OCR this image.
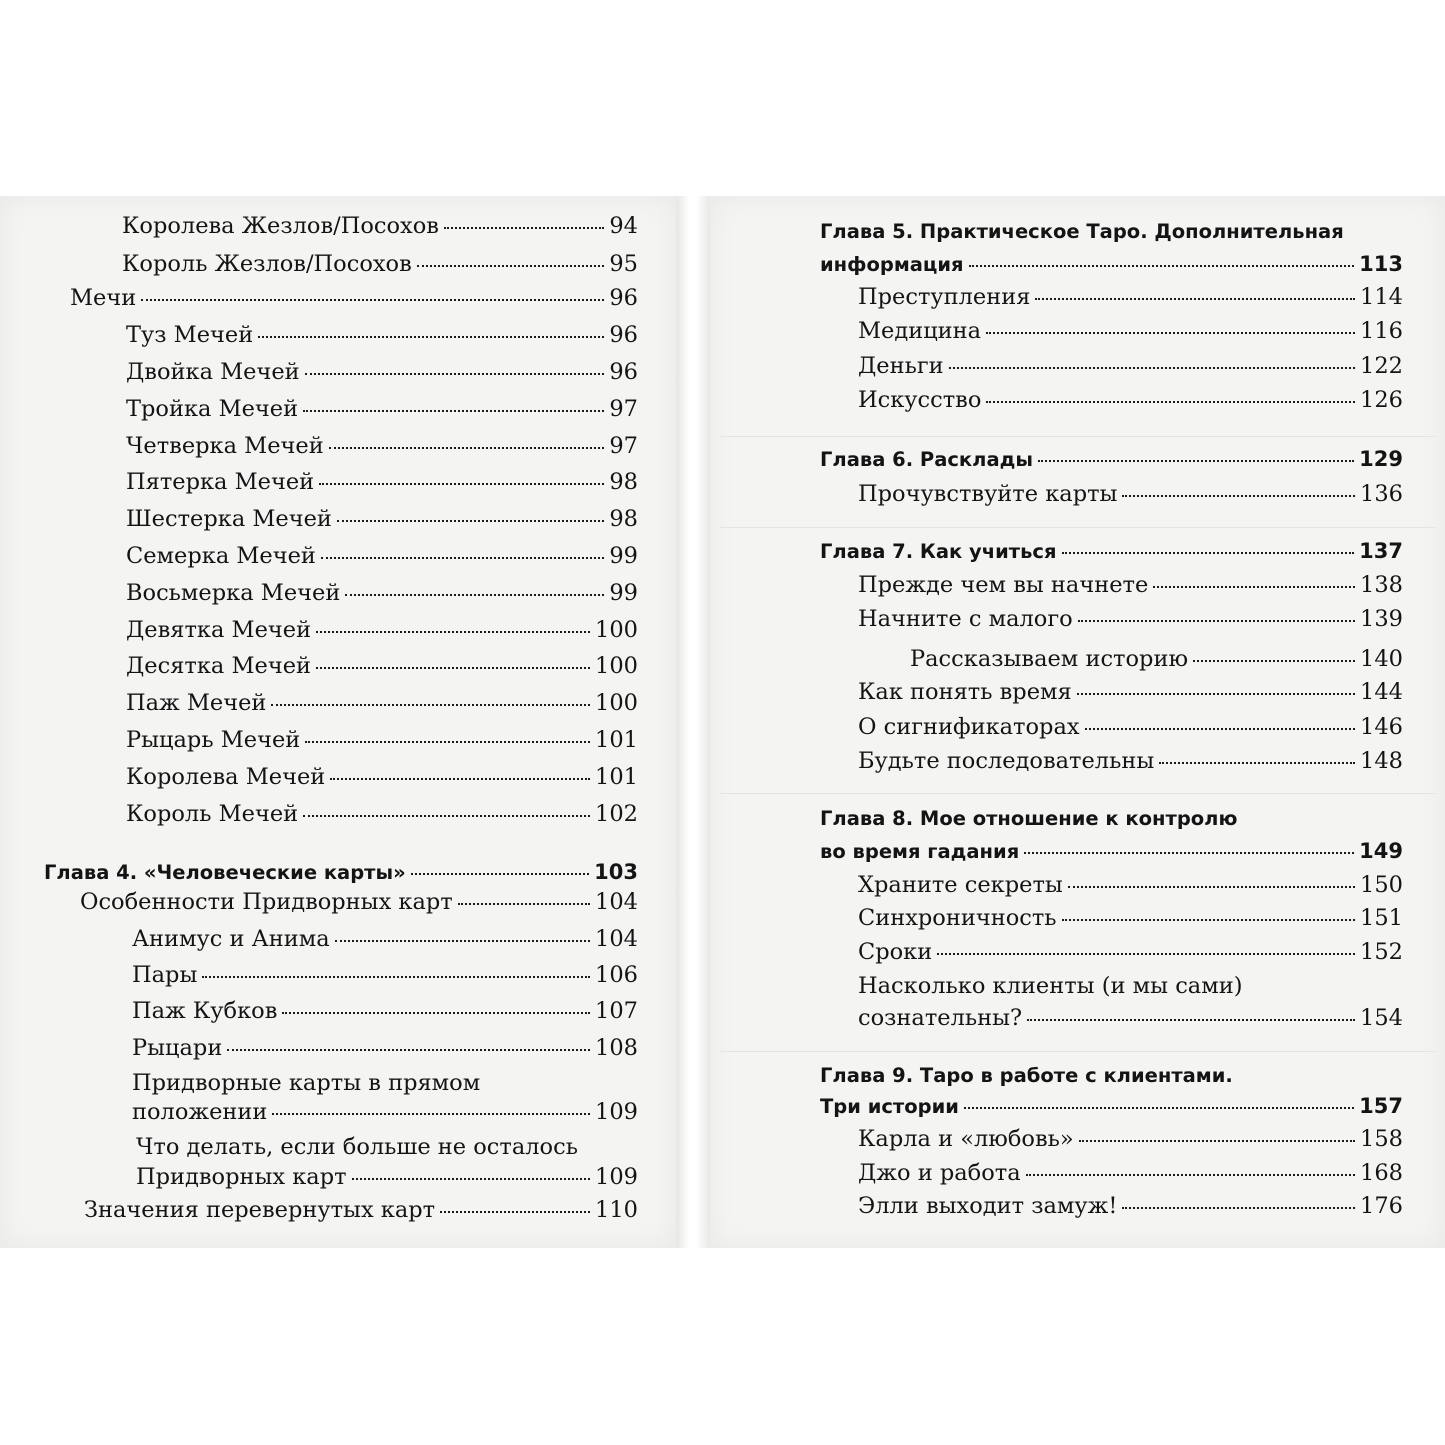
Королева Жезлов/Посохов	94
Король Жезлов/Посохов	95
Мечи	96
Туз Мечей	96
Двойка Мечей	96
Тройка Мечей	97
Четверка Мечей	97
Пятерка Мечей	98
Шестерка Мечей	98
Семерка Мечей	99
Восьмерка Мечей	99
Девятка Мечей	100
Десятка Мечей	100
Паж Мечей	100
Рыцарь Мечей	101
Королева Мечей	101
Король Мечей	102
Глава 4. «Человеческие карты»	103
Особенности Придворных карт	104
Анимус и Анима	104
Пары	106
Паж Кубков	107
Рыцари	108
Придворные карты в прямом
положении	109
Что делать, если больше не осталось
Придворных карт	109
Значения перевернутых карт	110
Глава 5. Практическое Таро. Дополнительная
информация	113
Преступления	114
Медицина	116
Деньги	122
Искусство	126
Глава 6. Расклады	129
Прочувствуйте карты	136
Глава 7. Как учиться	137
Прежде чем вы начнете	138
Начните с малого	139
Рассказываем историю	140
Как понять время	144
О сигнификаторах	146
Будьте последовательны	148
Глава 8. Мое отношение к контролю
во время гадания	149
Храните секреты	150
Синхроничность	151
Сроки	152
Насколько клиенты (и мы сами)
сознательны?	154
Глава 9. Таро в работе с клиентами.
Три истории	157
Карла и «любовь»	158
Джо и работа	168
Элли выходит замуж!	176
